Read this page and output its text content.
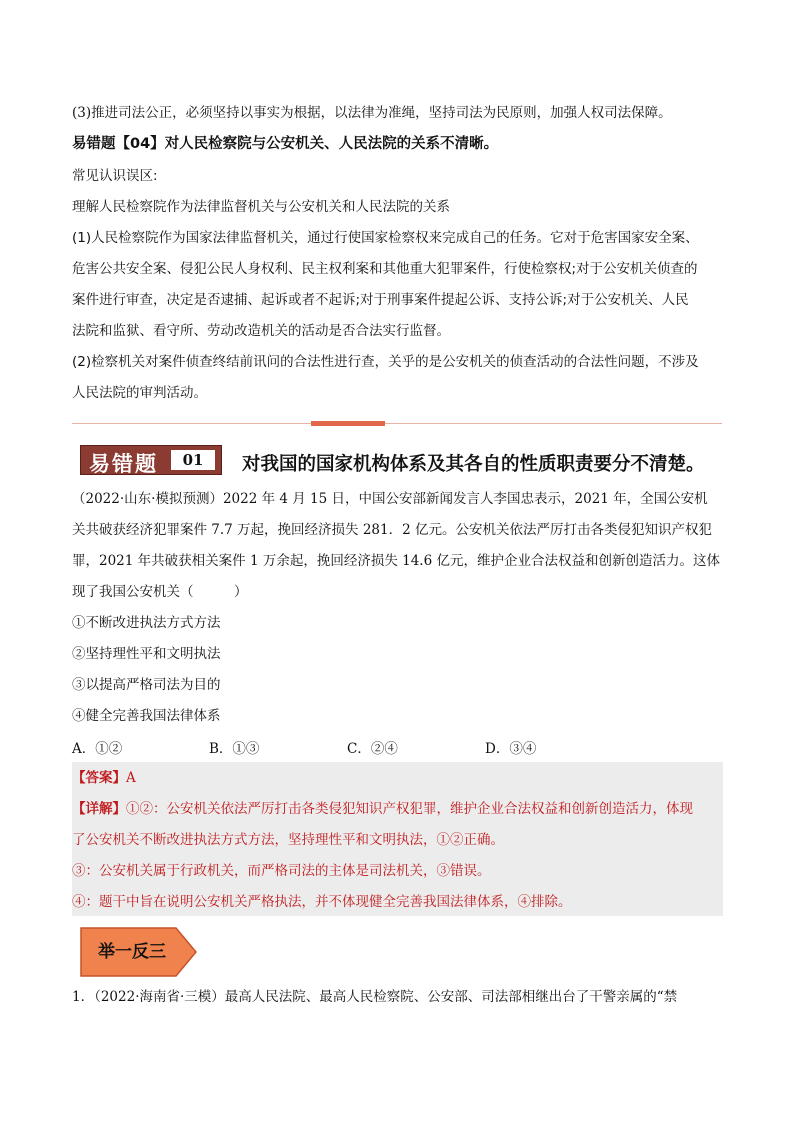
(3)推进司法公正，必须坚持以事实为根据，以法律为准绳，坚持司法为民原则，加强人权司法保障。
易错题【04】对人民检察院与公安机关、人民法院的关系不清晰。
常见认识误区:
理解人民检察院作为法律监督机关与公安机关和人民法院的关系
(1)人民检察院作为国家法律监督机关，通过行使国家检察权来完成自己的任务。它对于危害国家安全案、
危害公共安全案、侵犯公民人身权利、民主权利案和其他重大犯罪案件，行使检察权;对于公安机关侦查的
案件进行审查，决定是否逮捕、起诉或者不起诉;对于刑事案件提起公诉、支持公诉;对于公安机关、人民
法院和监狱、看守所、劳动改造机关的活动是否合法实行监督。
(2)检察机关对案件侦查终结前讯问的合法性进行查，关乎的是公安机关的侦查活动的合法性问题，不涉及
人民法院的审判活动。
易错题	01	对我国的国家机构体系及其各自的性质职责要分不清楚。
（2022·山东·模拟预测）2022 年 4 月 15 日，中国公安部新闻发言人李国忠表示，2021 年，全国公安机
关共破获经济犯罪案件 7.7 万起，挽回经济损失 281．2 亿元。公安机关依法严厉打击各类侵犯知识产权犯
罪，2021 年共破获相关案件 1 万余起，挽回经济损失 14.6 亿元，维护企业合法权益和创新创造活力。这体
现了我国公安机关（　　　）
①不断改进执法方式方法
②坚持理性平和文明执法
③以提高严格司法为目的
④健全完善我国法律体系
A．①②	B．①③	C．②④	D．③④
【答案】A
【详解】①②：公安机关依法严厉打击各类侵犯知识产权犯罪，维护企业合法权益和创新创造活力，体现
了公安机关不断改进执法方式方法，坚持理性平和文明执法，①②正确。
③：公安机关属于行政机关，而严格司法的主体是司法机关，③错误。
④：题干中旨在说明公安机关严格执法，并不体现健全完善我国法律体系，④排除。
举一反三
1．（2022·海南省·三模）最高人民法院、最高人民检察院、公安部、司法部相继出台了干警亲属的“禁
